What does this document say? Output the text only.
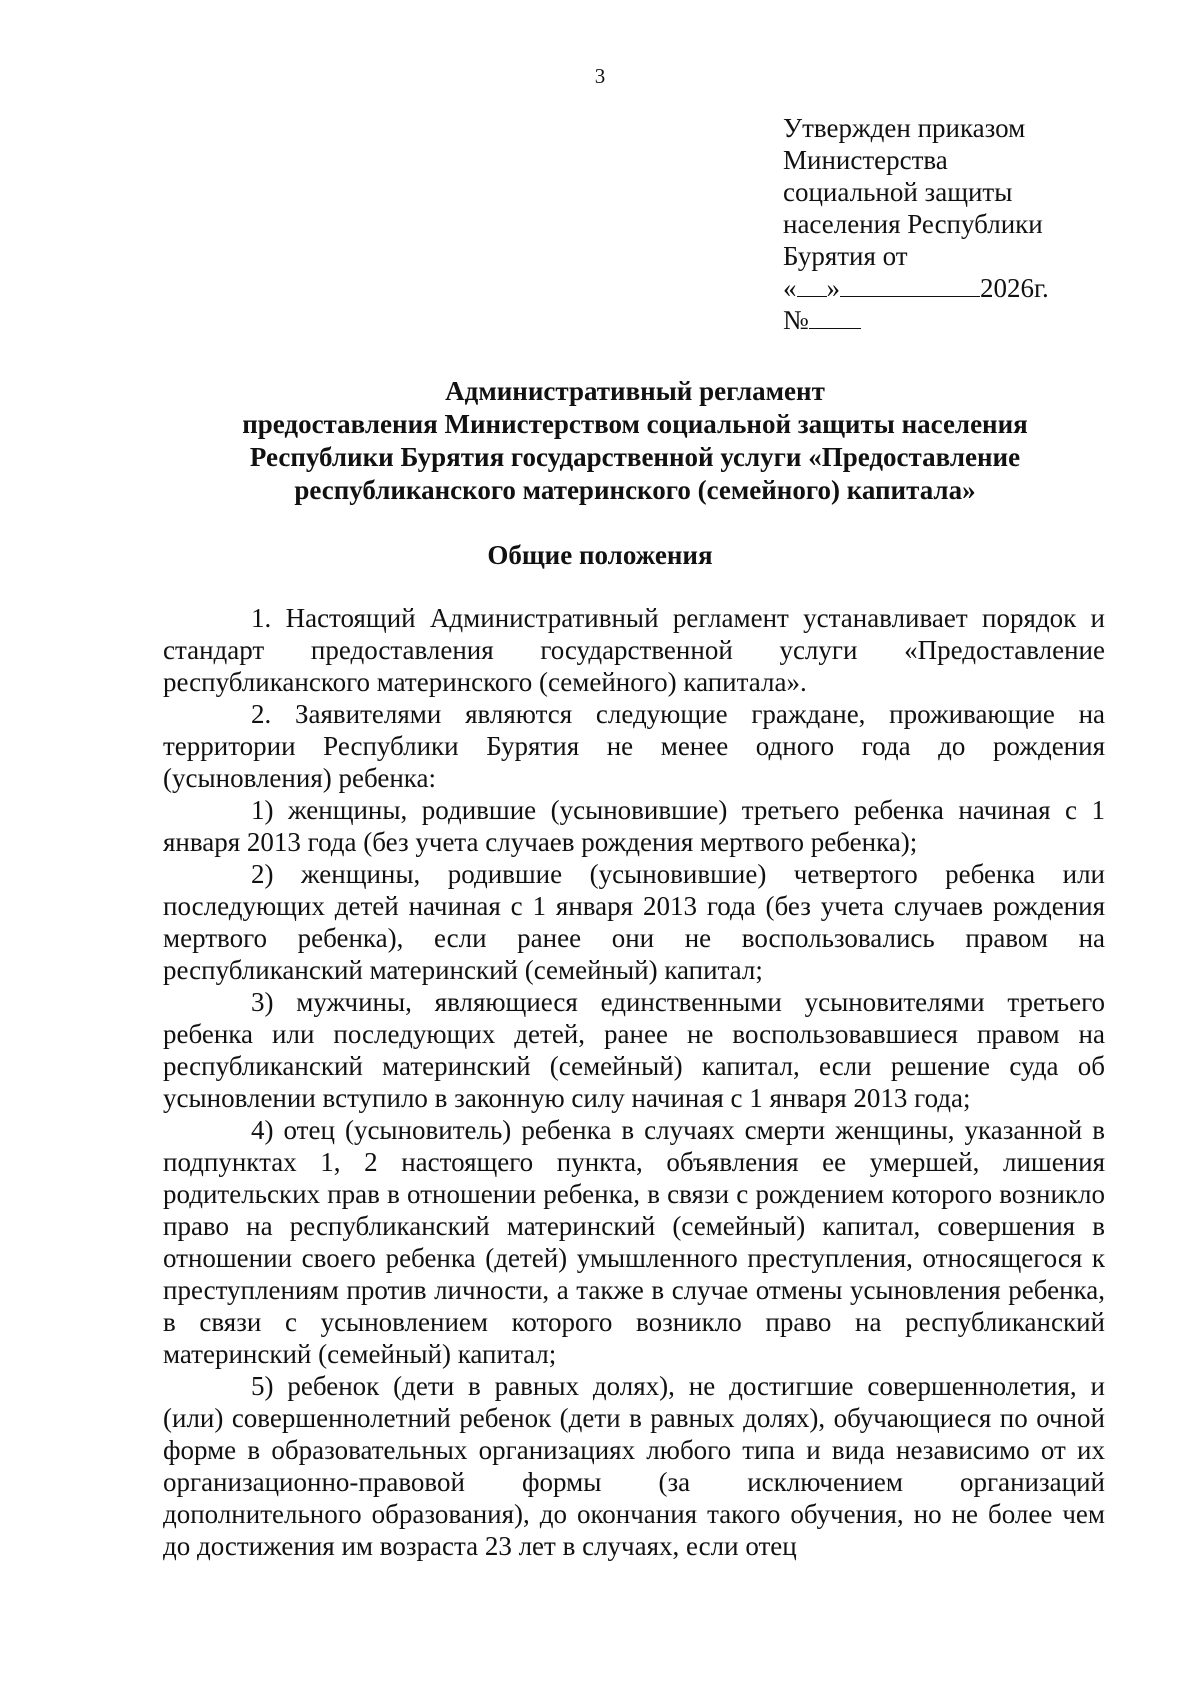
3
Утвержден приказом
Министерства
социальной защиты
населения Республики
Бурятия от
« »	2026г.
№
Административный регламент
предоставления Министерством социальной защиты населения
Республики Бурятия государственной услуги «Предоставление
республиканского материнского (семейного) капитала»
Общие положения

1. Настоящий Административный регламент устанавливает порядок и стандарт предоставления государственной услуги «Предоставление республиканского материнского (семейного) капитала».

2. Заявителями являются следующие граждане, проживающие на территории Республики Бурятия не менее одного года до рождения (усыновления) ребенка:

1) женщины, родившие (усыновившие) третьего ребенка начиная с 1 января 2013 года (без учета случаев рождения мертвого ребенка);

2) женщины, родившие (усыновившие) четвертого ребенка или последующих детей начиная с 1 января 2013 года (без учета случаев рождения мертвого ребенка), если ранее они не воспользовались правом на республиканский материнский (семейный) капитал;

3) мужчины, являющиеся единственными усыновителями третьего ребенка или последующих детей, ранее не воспользовавшиеся правом на республиканский материнский (семейный) капитал, если решение суда об усыновлении вступило в законную силу начиная с 1 января 2013 года;

4) отец (усыновитель) ребенка в случаях смерти женщины, указанной в подпунктах 1, 2 настоящего пункта, объявления ее умершей, лишения родительских прав в отношении ребенка, в связи с рождением которого возникло право на республиканский материнский (семейный) капитал, совершения в отношении своего ребенка (детей) умышленного преступления, относящегося к преступлениям против личности, а также в случае отмены усыновления ребенка, в связи с усыновлением которого возникло право на республиканский материнский (семейный) капитал;

5) ребенок (дети в равных долях), не достигшие совершеннолетия, и (или) совершеннолетний ребенок (дети в равных долях), обучающиеся по очной форме в образовательных организациях любого типа и вида независимо от их организационно-правовой формы (за исключением организаций дополнительного образования), до окончания такого обучения, но не более чем до достижения им возраста 23 лет в случаях, если отец
